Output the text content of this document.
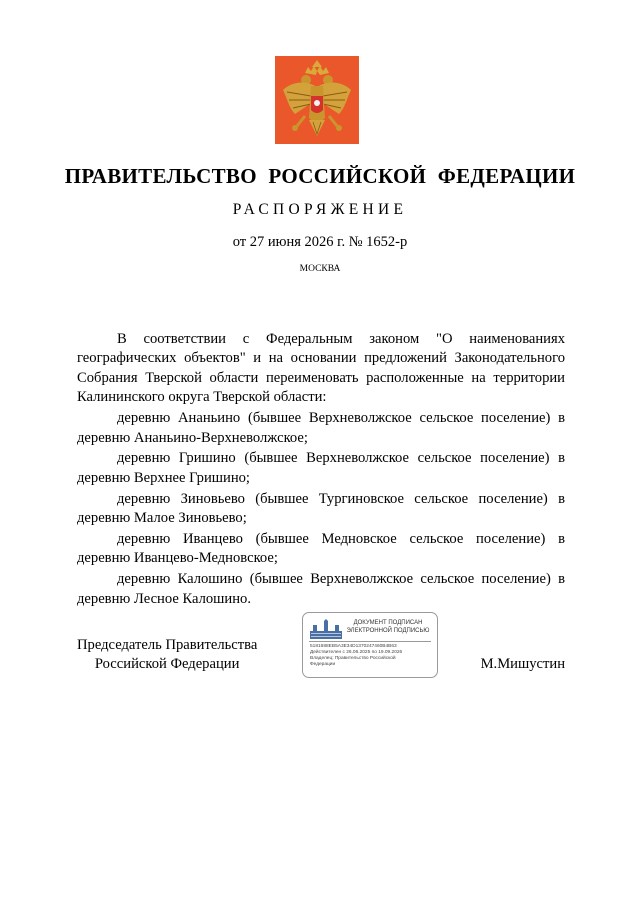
ПРАВИТЕЛЬСТВО РОССИЙСКОЙ ФЕДЕРАЦИИ
РАСПОРЯЖЕНИЕ
от 27 июня 2026 г. № 1652-р
МОСКВА

В соответствии с Федеральным законом "О наименованиях географических объектов" и на основании предложений Законодательного Собрания Тверской области переименовать расположенные на территории Калининского округа Тверской области:

деревню Ананьино (бывшее Верхневолжское сельское поселение) в деревню Ананьино-Верхневолжское;

деревню Гришино (бывшее Верхневолжское сельское поселение) в деревню Верхнее Гришино;

деревню Зиновьево (бывшее Тургиновское сельское поселение) в деревню Малое Зиновьево;

деревню Иванцево (бывшее Медновское сельское поселение) в деревню Иванцево-Медновское;

деревню Калошино (бывшее Верхневолжское сельское поселение) в деревню Лесное Калошино.

Председатель Правительства
Российской Федерации
ДОКУМЕНТ ПОДПИСАН
ЭЛЕКТРОННОЙ ПОДПИСЬЮ
5181688EB5A3E34D1370247460B4B63
Действителен с 26.06.2025 по 19.09.2026
Владелец: Правительство Российской
Федерации	М.Мишустин
